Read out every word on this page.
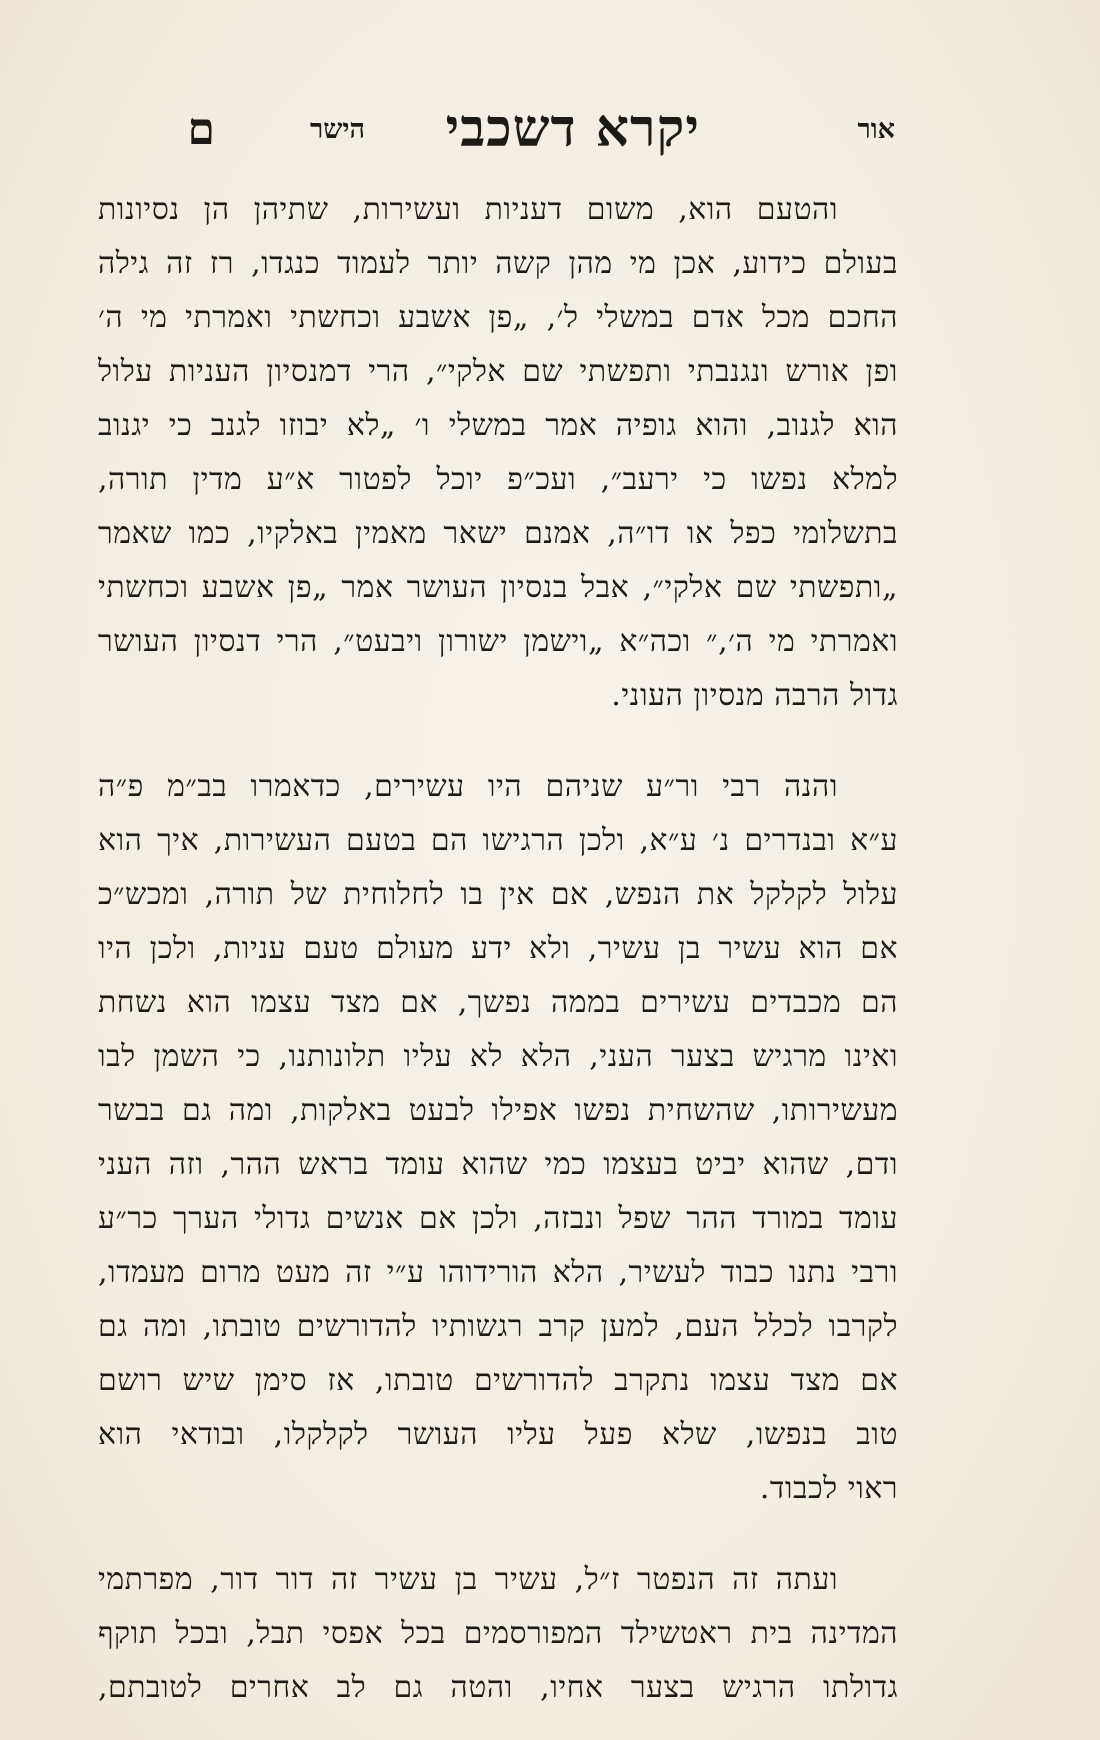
אור
יקרא דשכבי
הישר
ם
והטעם הוא, משום דעניות ועשירות, שתיהן הן נסיונות
בעולם כידוע, אכן מי מהן קשה יותר לעמוד כנגדו, רז זה גילה
החכם מכל אדם במשלי ל׳, „פן אשבע וכחשתי ואמרתי מי ה׳
ופן אורש ונגנבתי ותפשתי שם אלקי״, הרי דמנסיון העניות עלול
הוא לגנוב, והוא גופיה אמר במשלי ו׳ „לא יבוזו לגנב כי יגנוב
למלא נפשו כי ירעב״, ועכ״פ יוכל לפטור א״ע מדין תורה,
בתשלומי כפל או דו״ה, אמנם ישאר מאמין באלקיו, כמו שאמר
„ותפשתי שם אלקי״, אבל בנסיון העושר אמר „פן אשבע וכחשתי
ואמרתי מי ה׳,״ וכה״א „וישמן ישורון ויבעט״, הרי דנסיון העושר
גדול הרבה מנסיון העוני.
והנה רבי ור״ע שניהם היו עשירים, כדאמרו בב״מ פ״ה
ע״א ובנדרים נ׳ ע״א, ולכן הרגישו הם בטעם העשירות, איך הוא
עלול לקלקל את הנפש, אם אין בו לחלוחית של תורה, ומכש״כ
אם הוא עשיר בן עשיר, ולא ידע מעולם טעם עניות, ולכן היו
הם מכבדים עשירים בממה נפשך, אם מצד עצמו הוא נשחת
ואינו מרגיש בצער העני, הלא לא עליו תלונותנו, כי השמן לבו
מעשירותו, שהשחית נפשו אפילו לבעט באלקות, ומה גם בבשר
ודם, שהוא יביט בעצמו כמי שהוא עומד בראש ההר, וזה העני
עומד במורד ההר שפל ונבזה, ולכן אם אנשים גדולי הערך כר״ע
ורבי נתנו כבוד לעשיר, הלא הורידוהו ע״י זה מעט מרום מעמדו,
לקרבו לכלל העם, למען קרב רגשותיו להדורשים טובתו, ומה גם
אם מצד עצמו נתקרב להדורשים טובתו, אז סימן שיש רושם
טוב בנפשו, שלא פעל עליו העושר לקלקלו, ובודאי הוא
ראוי לכבוד.
ועתה זה הנפטר ז״ל, עשיר בן עשיר זה דור דור, מפרתמי
המדינה בית ראטשילד המפורסמים בכל אפסי תבל, ובכל תוקף
גדולתו הרגיש בצער אחיו, והטה גם לב אחרים לטובתם,
